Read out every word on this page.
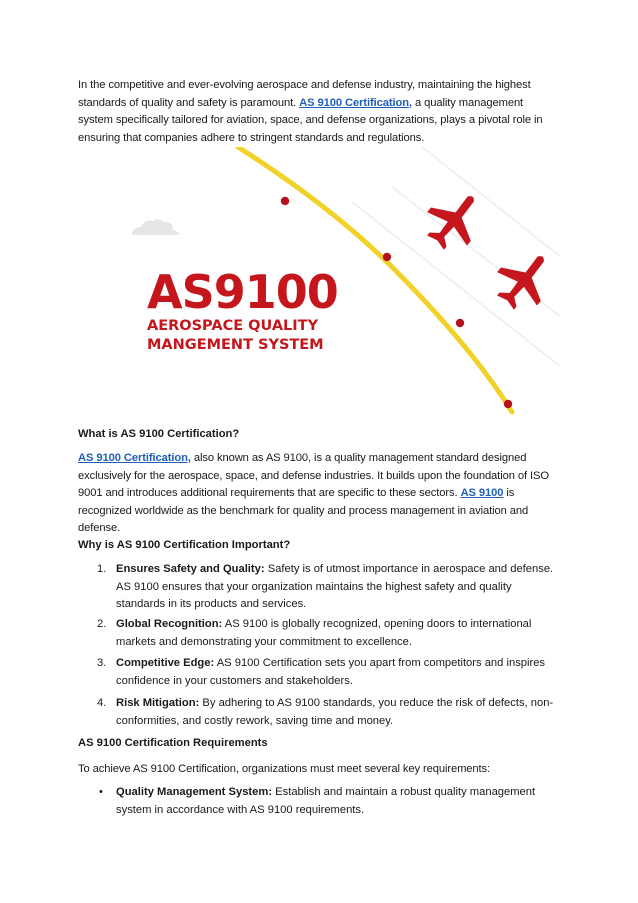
In the competitive and ever-evolving aerospace and defense industry, maintaining the highest standards of quality and safety is paramount. AS 9100 Certification, a quality management system specifically tailored for aviation, space, and defense organizations, plays a pivotal role in ensuring that companies adhere to stringent standards and regulations.

AS9100
AEROSPACE QUALITY
MANGEMENT SYSTEM

What is AS 9100 Certification?

AS 9100 Certification, also known as AS 9100, is a quality management standard designed exclusively for the aerospace, space, and defense industries. It builds upon the foundation of ISO 9001 and introduces additional requirements that are specific to these sectors. AS 9100 is recognized worldwide as the benchmark for quality and process management in aviation and defense.

Why is AS 9100 Certification Important?

1. Ensures Safety and Quality: Safety is of utmost importance in aerospace and defense. AS 9100 ensures that your organization maintains the highest safety and quality standards in its products and services.

2. Global Recognition: AS 9100 is globally recognized, opening doors to international markets and demonstrating your commitment to excellence.

3. Competitive Edge: AS 9100 Certification sets you apart from competitors and inspires confidence in your customers and stakeholders.

4. Risk Mitigation: By adhering to AS 9100 standards, you reduce the risk of defects, non-conformities, and costly rework, saving time and money.

AS 9100 Certification Requirements

To achieve AS 9100 Certification, organizations must meet several key requirements:

• Quality Management System: Establish and maintain a robust quality management system in accordance with AS 9100 requirements.
